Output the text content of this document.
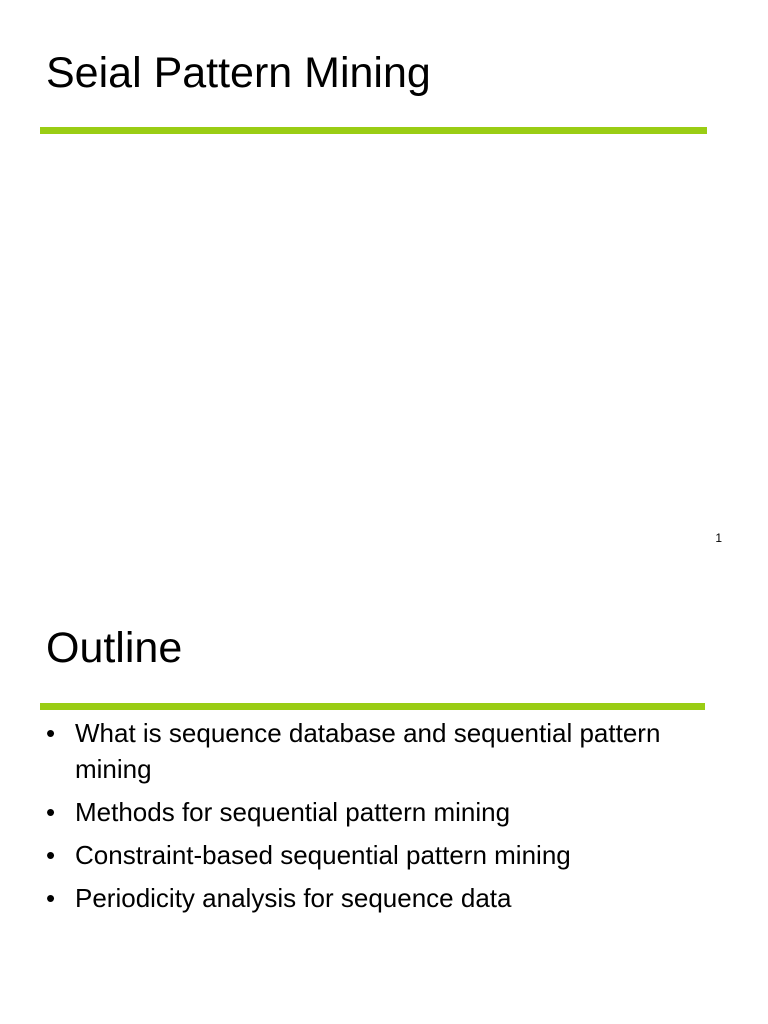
Seial Pattern Mining
1
Outline
• What is sequence database and sequential pattern mining
• Methods for sequential pattern mining
• Constraint-based sequential pattern mining
• Periodicity analysis for sequence data
